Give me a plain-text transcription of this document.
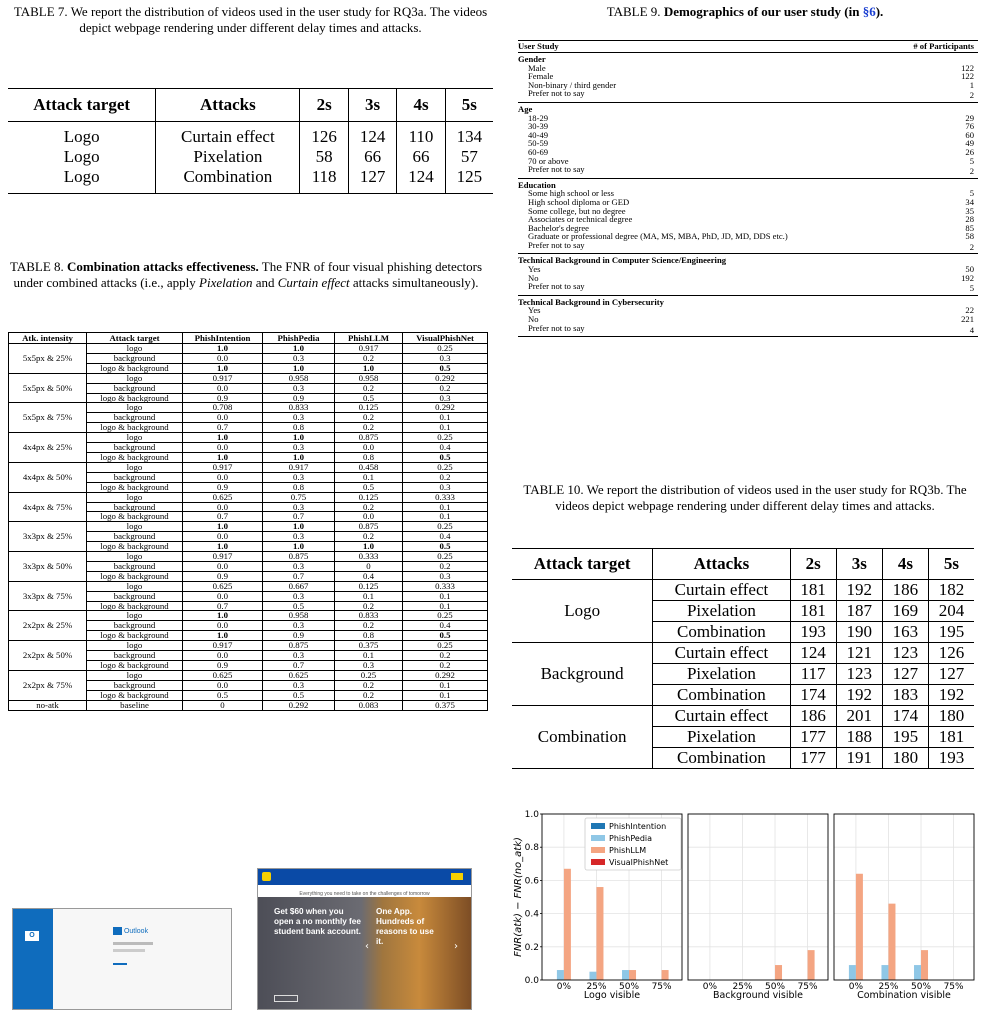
TABLE 7. We report the distribution of videos used in the user study for RQ3a. The videos depict webpage rendering under different delay times and attacks.
Attack target	Attacks	2s	3s	4s	5s
Logo	Curtain effect	126	124	110	134
Logo	Pixelation	58	66	66	57
Logo	Combination	118	127	124	125
TABLE 8. Combination attacks effectiveness. The FNR of four visual phishing detectors under combined attacks (i.e., apply Pixelation and Curtain effect attacks simultaneously).
Atk. intensity	Attack target	PhishIntention	PhishPedia	PhishLLM	VisualPhishNet
5x5px & 25%	logo	1.0	1.0	0.917	0.25
	background	0.0	0.3	0.2	0.3
	logo & background	1.0	1.0	1.0	0.5
5x5px & 50%	logo	0.917	0.958	0.958	0.292
	background	0.0	0.3	0.2	0.2
	logo & background	0.9	0.9	0.5	0.3
5x5px & 75%	logo	0.708	0.833	0.125	0.292
	background	0.0	0.3	0.2	0.1
	logo & background	0.7	0.8	0.2	0.1
4x4px & 25%	logo	1.0	1.0	0.875	0.25
	background	0.0	0.3	0.0	0.4
	logo & background	1.0	1.0	0.8	0.5
4x4px & 50%	logo	0.917	0.917	0.458	0.25
	background	0.0	0.3	0.1	0.2
	logo & background	0.9	0.8	0.5	0.3
4x4px & 75%	logo	0.625	0.75	0.125	0.333
	background	0.0	0.3	0.2	0.1
	logo & background	0.7	0.7	0.0	0.1
3x3px & 25%	logo	1.0	1.0	0.875	0.25
	background	0.0	0.3	0.2	0.4
	logo & background	1.0	1.0	1.0	0.5
3x3px & 50%	logo	0.917	0.875	0.333	0.25
	background	0.0	0.3	0	0.2
	logo & background	0.9	0.7	0.4	0.3
3x3px & 75%	logo	0.625	0.667	0.125	0.333
	background	0.0	0.3	0.1	0.1
	logo & background	0.7	0.5	0.2	0.1
2x2px & 25%	logo	1.0	0.958	0.833	0.25
	background	0.0	0.3	0.2	0.4
	logo & background	1.0	0.9	0.8	0.5
2x2px & 50%	logo	0.917	0.875	0.375	0.25
	background	0.0	0.3	0.1	0.2
	logo & background	0.9	0.7	0.3	0.2
2x2px & 75%	logo	0.625	0.625	0.25	0.292
	background	0.0	0.3	0.2	0.1
	logo & background	0.5	0.5	0.2	0.1
no-atk	baseline	0	0.292	0.083	0.375
TABLE 9. Demographics of our user study (in §6).
User Study	# of Participants
Gender	
Male	122
Female	122
Non-binary / third gender	1
Prefer not to say	2
Age	
18-29	29
30-39	76
40-49	60
50-59	49
60-69	26
70 or above	5
Prefer not to say	2
Education	
Some high school or less	5
High school diploma or GED	34
Some college, but no degree	35
Associates or technical degree	28
Bachelor's degree	85
Graduate or professional degree (MA, MS, MBA, PhD, JD, MD, DDS etc.)	58
Prefer not to say	2
Technical Background in Computer Science/Engineering	
Yes	50
No	192
Prefer not to say	5
Technical Background in Cybersecurity	
Yes	22
No	221
Prefer not to say	4
TABLE 10. We report the distribution of videos used in the user study for RQ3b. The videos depict webpage rendering under different delay times and attacks.
Attack target	Attacks	2s	3s	4s	5s
Logo	Curtain effect	181	192	186	182
	Pixelation	181	187	169	204
	Combination	193	190	163	195
Background	Curtain effect	124	121	123	126
	Pixelation	117	123	127	127
	Combination	174	192	183	192
Combination	Curtain effect	186	201	174	180
	Pixelation	177	188	195	181
	Combination	177	191	180	193
O
Outlook
Everything you need to take on the challenges of tomorrow
Get $60 when you open a no monthly fee student bank account.
One App. Hundreds of reasons to use it.
‹	›
0% 25% 50% 75%
Logo visible
0% 25% 50% 75%
Background visible
0% 25% 50% 75%
Combination visible
0.0
0.2
0.4
0.6
0.8
1.0
FNR(atk) − FNR(no_atk)
PhishIntention
PhishPedia
PhishLLM
VisualPhishNet
